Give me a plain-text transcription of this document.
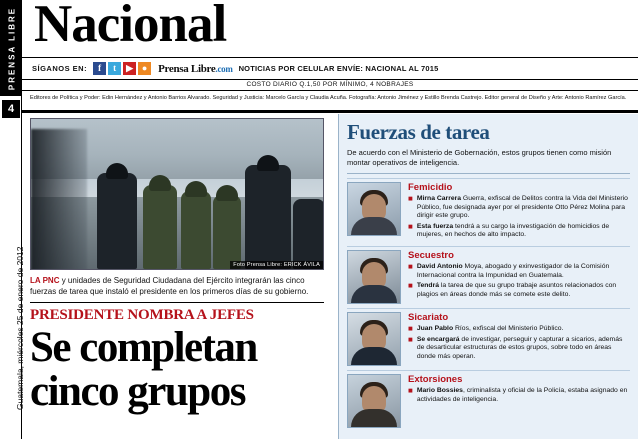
PRENSA LIBRE
4
Guatemala, miércoles 25 de enero de 2012
Nacional
SÍGANOS EN:	f	t	▶ ● Prensa Libre.com NOTICIAS POR CELULAR ENVÍE: NACIONAL AL 7015
COSTO DIARIO Q.1,50 POR MÍNIMO, 4 NOBRAJES
Editores de Política y Poder: Edin Hernández y Antonio Barrios Alvarado. Seguridad y Justicia: Marcelo García y Claudia Acuña. Fotografía: Antonio Jiménez y Estillo Brenda Castrejo. Editor general de Diseño y Arte: Antonio Ramírez García.
Foto Prensa Libre: ERICK ÁVILA
LA PNC y unidades de Seguridad Ciudadana del Ejército integrarán las cinco fuerzas de tarea que instaló el presidente en los primeros días de su gobierno.
PRESIDENTE NOMBRA A JEFES
Se completan cinco grupos
Fuerzas de tarea
De acuerdo con el Ministerio de Gobernación, estos grupos tienen como misión montar operativos de inteligencia.
Femicidio
■ Mirna Carrera Guerra, exfiscal de Delitos contra la Vida del Ministerio Público, fue designada ayer por el presidente Otto Pérez Molina para dirigir este grupo.
■ Esta fuerza tendrá a su cargo la investigación de homicidios de mujeres, en hechos de alto impacto.
Secuestro
■ David Antonio Moya, abogado y exinvestigador de la Comisión Internacional contra la Impunidad en Guatemala.
■ Tendrá la tarea de que su grupo trabaje asuntos relacionados con plagios en áreas donde más se comete este delito.
Sicariato
■ Juan Pablo Ríos, exfiscal del Ministerio Público.
■ Se encargará de investigar, perseguir y capturar a sicarios, además de desarticular estructuras de estos grupos, sobre todo en áreas donde más operan.
Extorsiones
■ Mario Bossies, criminalista y oficial de la Policía, estaba asignado en actividades de inteligencia.
